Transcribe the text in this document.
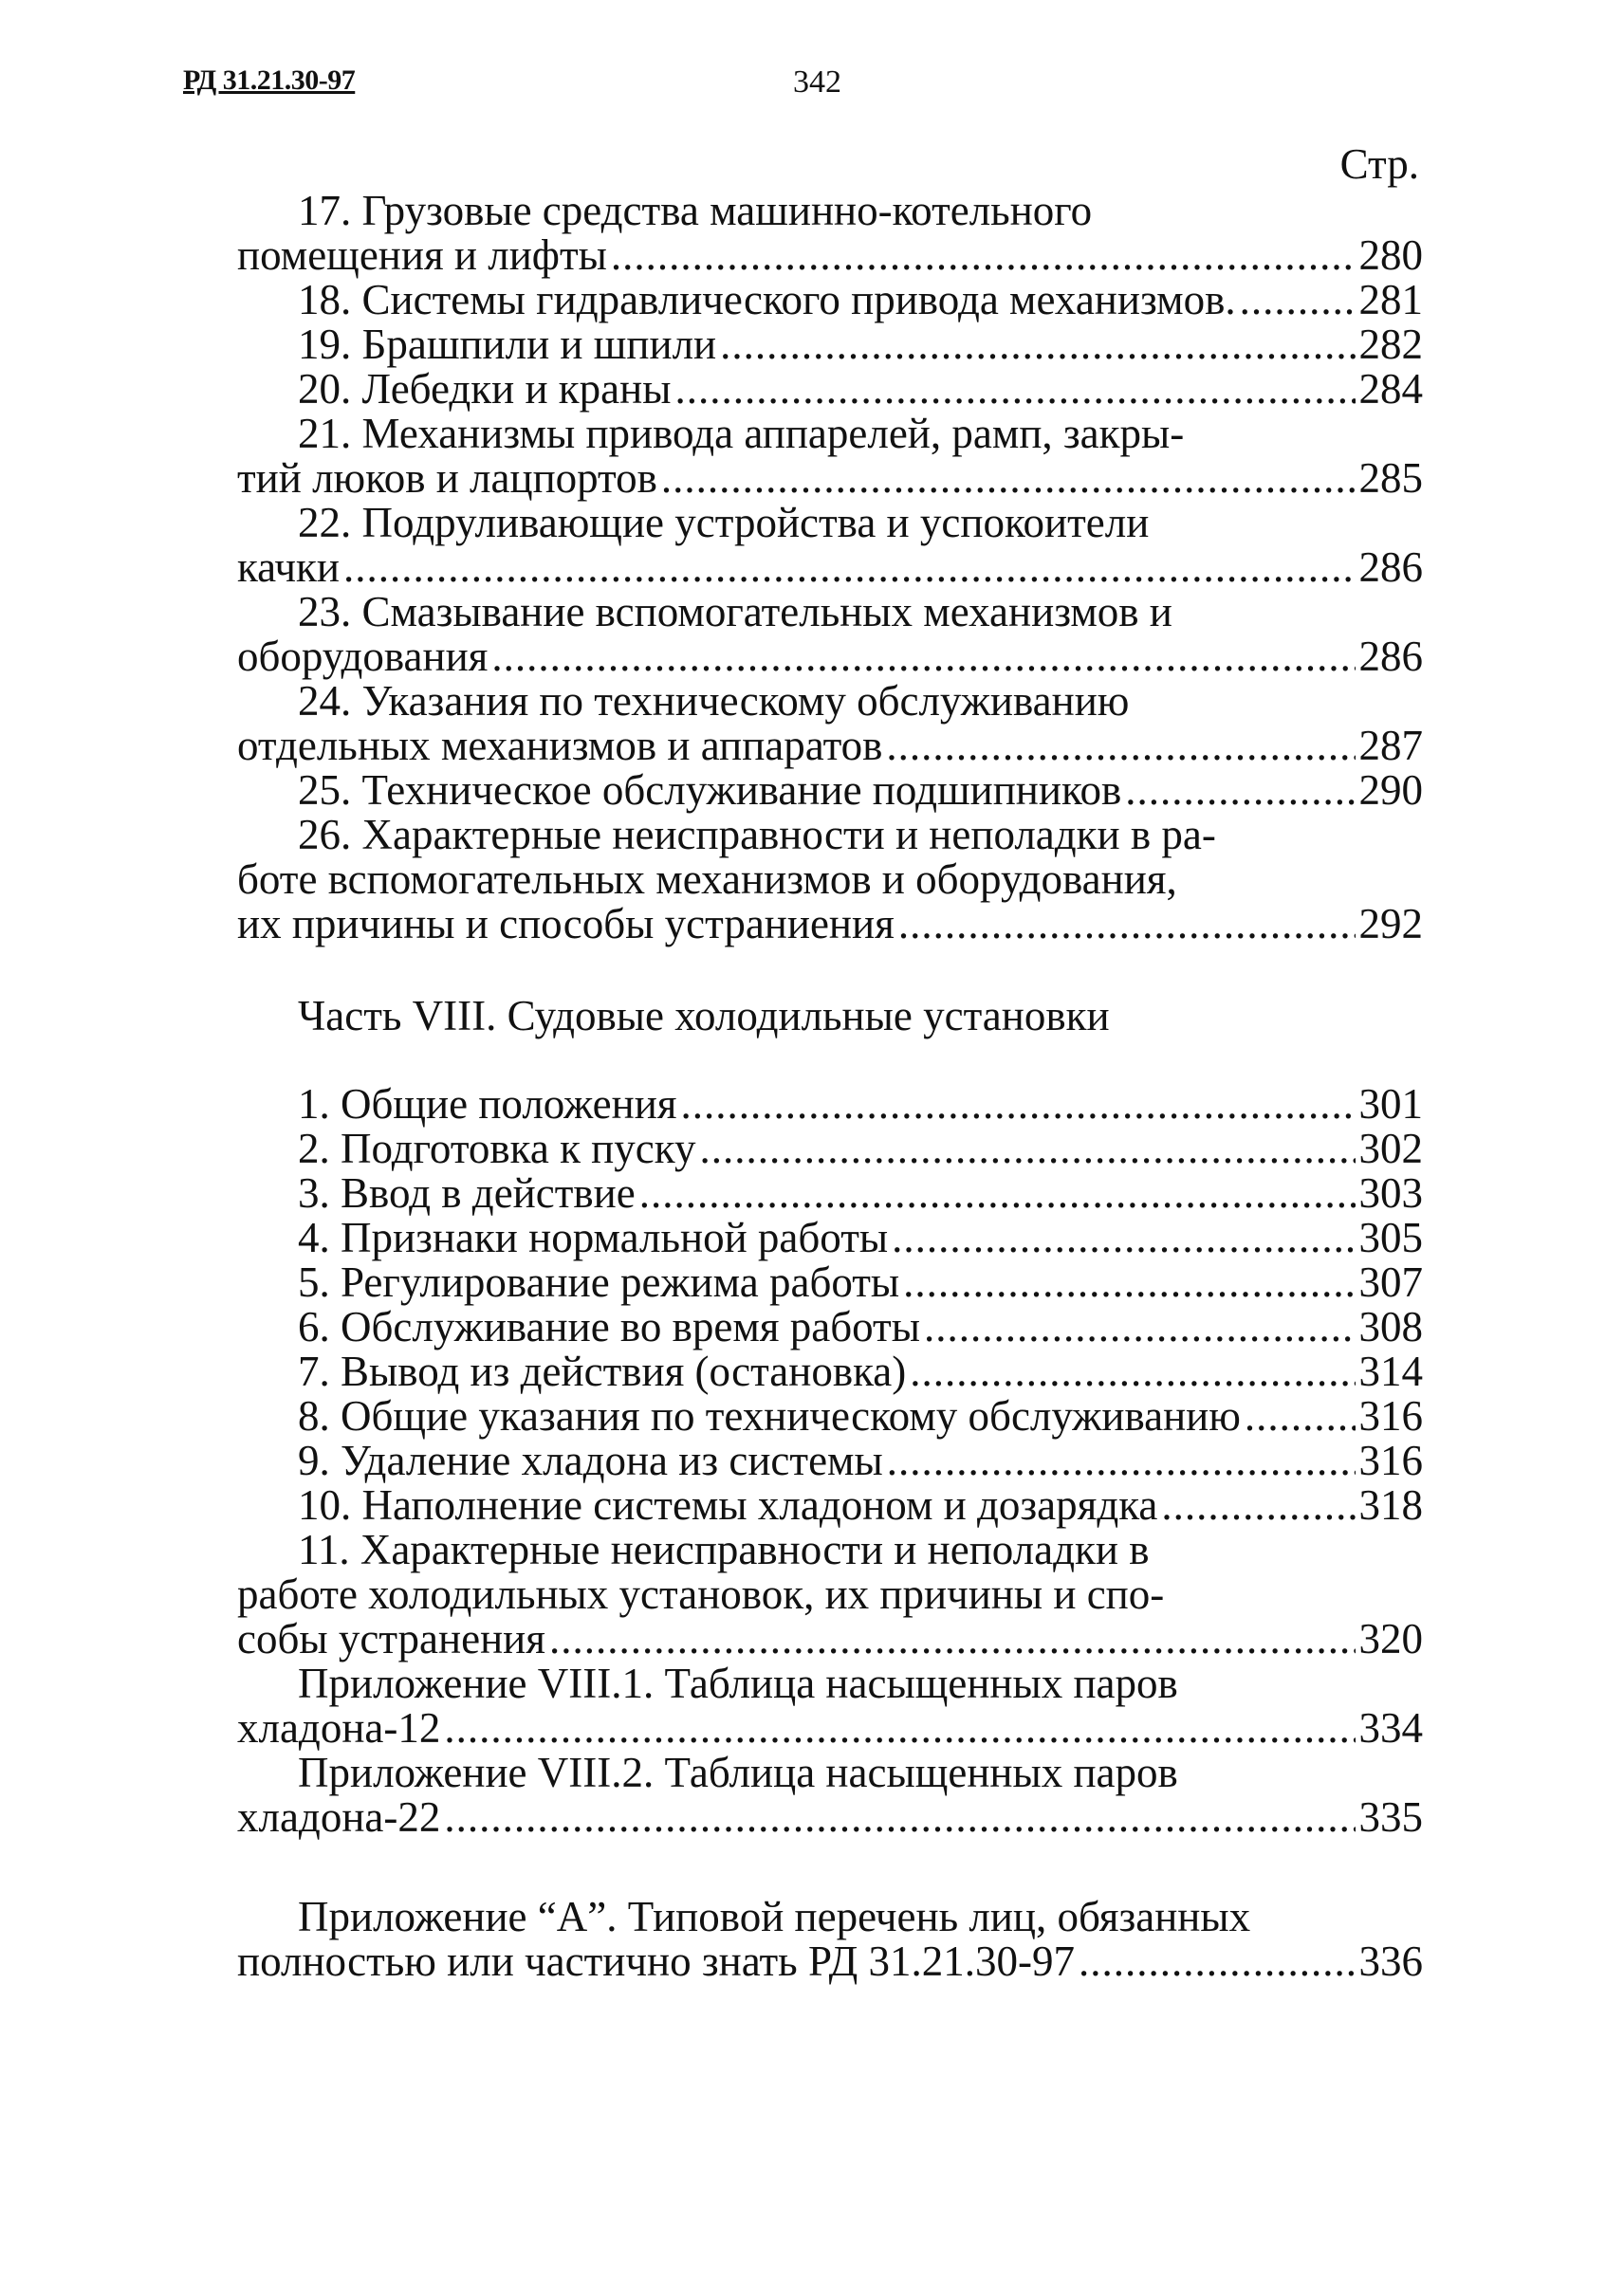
РД 31.21.30-97	342
Стр.
17. Грузовые средства машинно-котельного
помещения и лифты .....	280
18. Системы гидравлического привода механизмов. .....	281
19. Брашпили и шпили .....	282
20. Лебедки и краны .....	284
21. Механизмы привода аппарелей, рамп, закры-
тий люков и лацпортов .....	285
22. Подруливающие устройства и успокоители
качки .....	286
23. Смазывание вспомогательных механизмов и
оборудования .....	286
24. Указания по техническому обслуживанию
отдельных механизмов и аппаратов .....	287
25. Техническое обслуживание подшипников .....	290
26. Характерные неисправности и неполадки в ра-
боте вспомогательных механизмов и оборудования,
их причины и способы устраниения .....	292
Часть VIII. Судовые холодильные установки
1. Общие положения .....	301
2. Подготовка к пуску .....	302
3. Ввод в действие .....	303
4. Признаки нормальной работы .....	305
5. Регулирование режима работы .....	307
6. Обслуживание во время работы .....	308
7. Вывод из действия (остановка) .....	314
8. Общие указания по техническому обслуживанию .....	316
9. Удаление хладона из системы .....	316
10. Наполнение системы хладоном и дозарядка .....	318
11. Характерные неисправности и неполадки в
работе холодильных установок, их причины и спо-
собы устранения .....	320
Приложение VIII.1. Таблица насыщенных паров
хладона-12 .....	334
Приложение VIII.2. Таблица насыщенных паров
хладона-22 .....	335
Приложение “А”. Типовой перечень лиц, обязанных
полностью или частично знать РД 31.21.30-97 .....	336
